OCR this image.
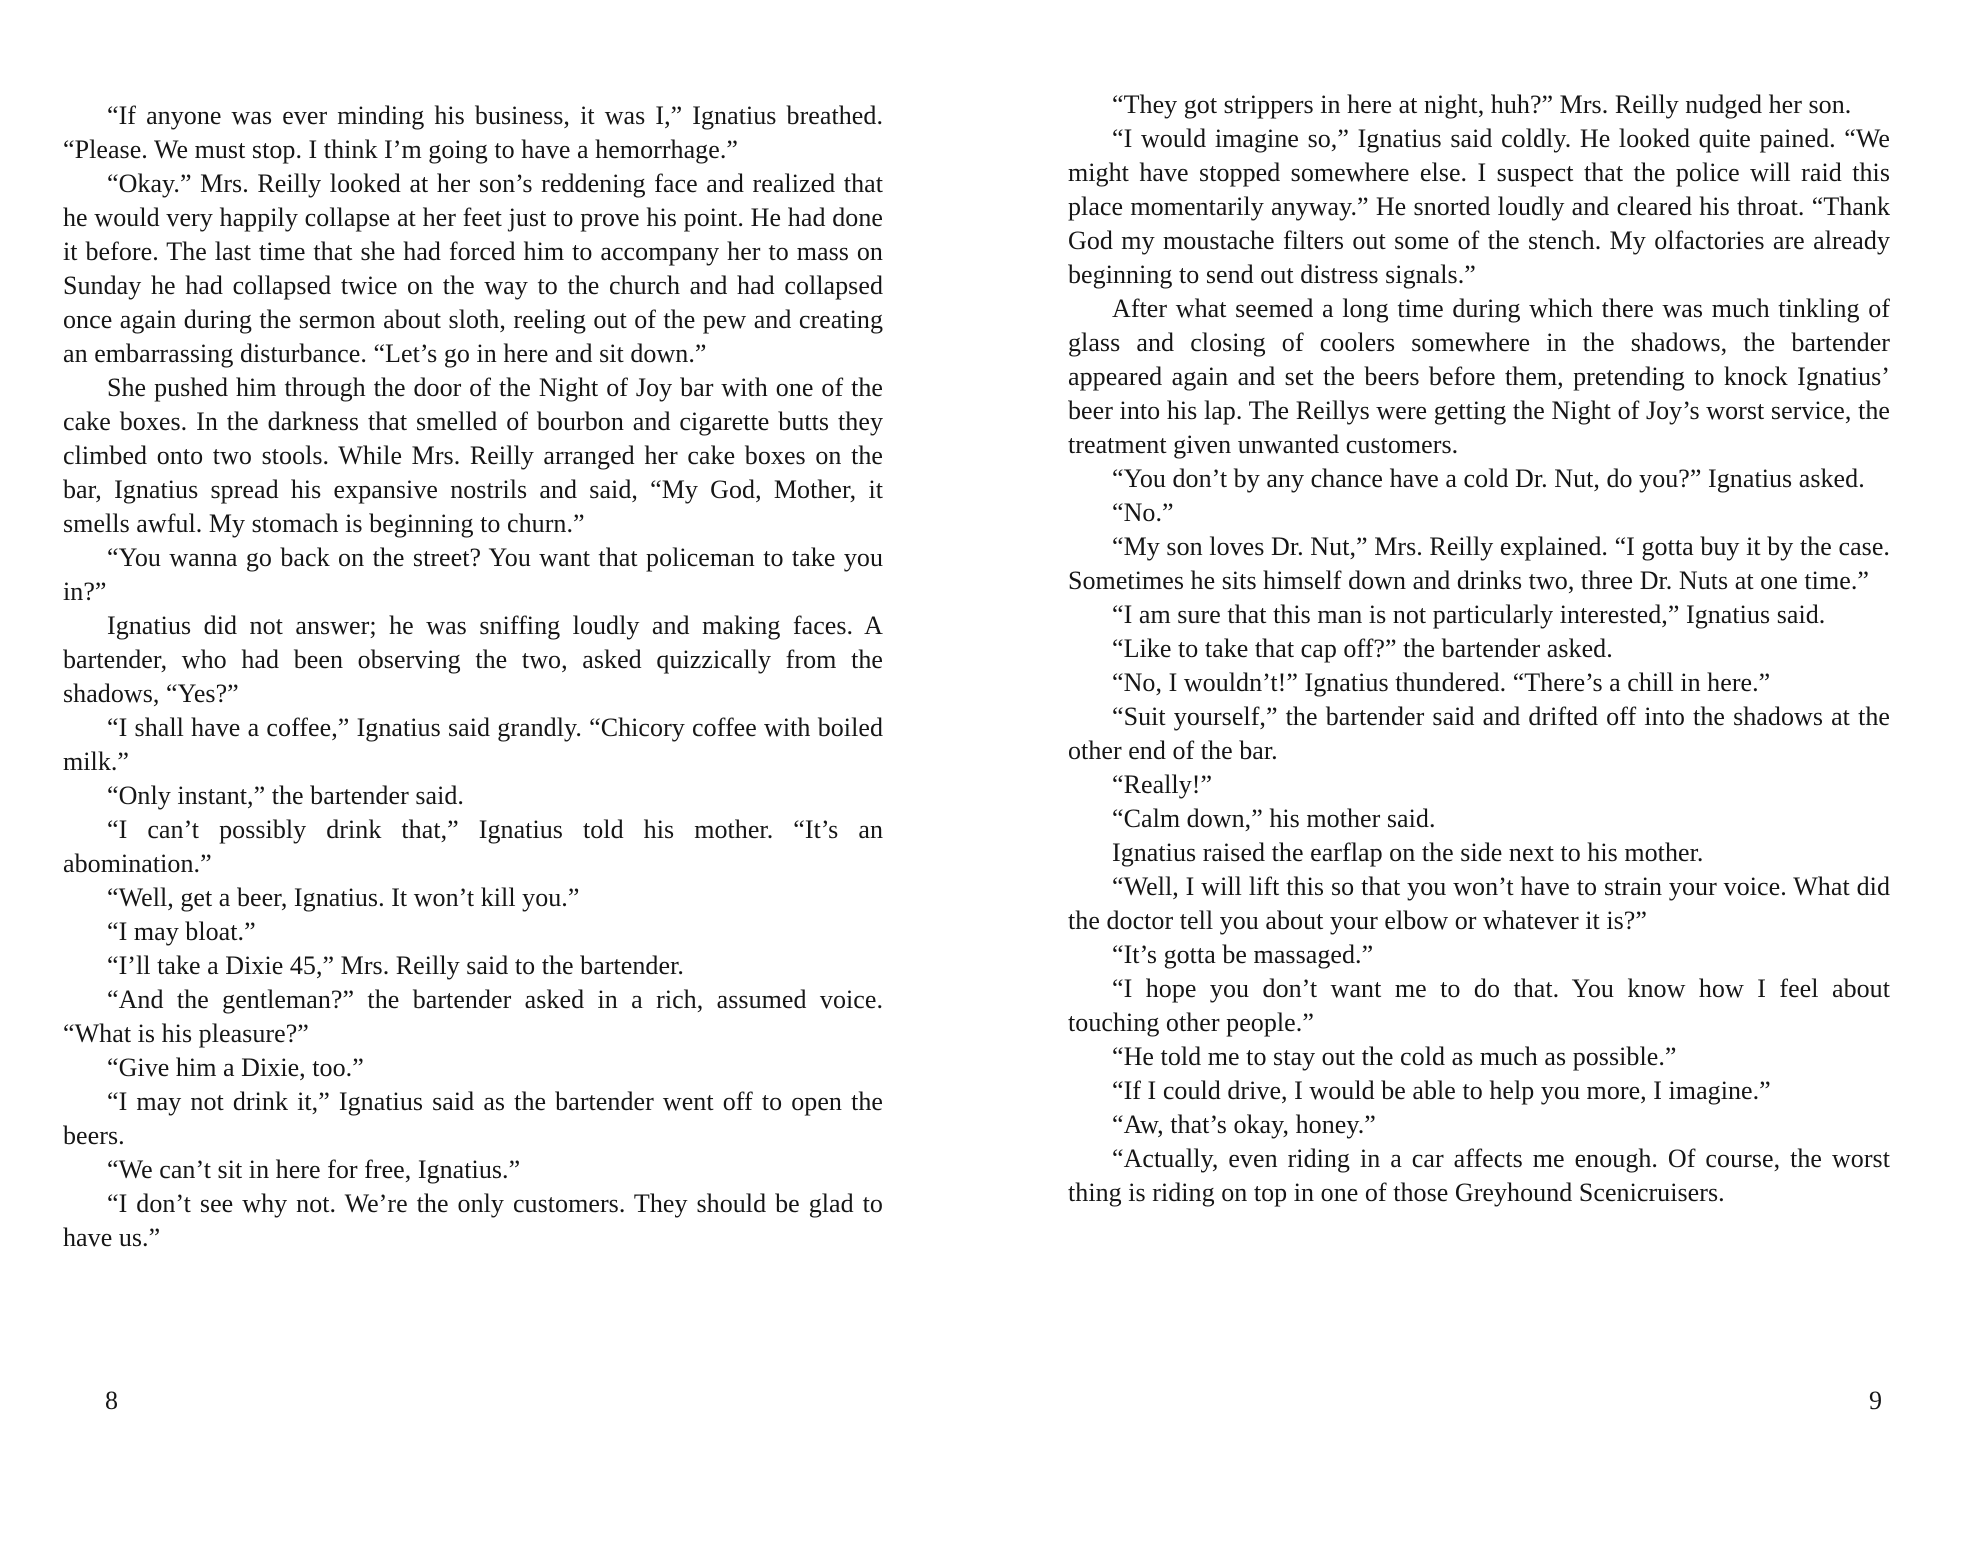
“If anyone was ever minding his business, it was I,” Ignatius breathed. “Please. We must stop. I think I’m going to have a hemorrhage.”

“Okay.” Mrs. Reilly looked at her son’s reddening face and realized that he would very happily collapse at her feet just to prove his point. He had done it before. The last time that she had forced him to accompany her to mass on Sunday he had collapsed twice on the way to the church and had collapsed once again during the sermon about sloth, reeling out of the pew and creating an embarrassing disturbance. “Let’s go in here and sit down.”

She pushed him through the door of the Night of Joy bar with one of the cake boxes. In the darkness that smelled of bourbon and cigarette butts they climbed onto two stools. While Mrs. Reilly arranged her cake boxes on the bar, Ignatius spread his expansive nostrils and said, “My God, Mother, it smells awful. My stomach is beginning to churn.”

“You wanna go back on the street? You want that policeman to take you in?”

Ignatius did not answer; he was sniffing loudly and making faces. A bartender, who had been observing the two, asked quizzically from the shadows, “Yes?”

“I shall have a coffee,” Ignatius said grandly. “Chicory coffee with boiled milk.”

“Only instant,” the bartender said.

“I can’t possibly drink that,” Ignatius told his mother. “It’s an abomination.”

“Well, get a beer, Ignatius. It won’t kill you.”

“I may bloat.”

“I’ll take a Dixie 45,” Mrs. Reilly said to the bartender.

“And the gentleman?” the bartender asked in a rich, assumed voice. “What is his pleasure?”

“Give him a Dixie, too.”

“I may not drink it,” Ignatius said as the bartender went off to open the beers.

“We can’t sit in here for free, Ignatius.”

“I don’t see why not. We’re the only customers. They should be glad to have us.”

8

“They got strippers in here at night, huh?” Mrs. Reilly nudged her son.

“I would imagine so,” Ignatius said coldly. He looked quite pained. “We might have stopped somewhere else. I suspect that the police will raid this place momentarily anyway.” He snorted loudly and cleared his throat. “Thank God my moustache filters out some of the stench. My olfactories are already beginning to send out distress signals.”

After what seemed a long time during which there was much tinkling of glass and closing of coolers somewhere in the shadows, the bartender appeared again and set the beers before them, pretending to knock Ignatius’ beer into his lap. The Reillys were getting the Night of Joy’s worst service, the treatment given unwanted customers.

“You don’t by any chance have a cold Dr. Nut, do you?” Ignatius asked.

“No.”

“My son loves Dr. Nut,” Mrs. Reilly explained. “I gotta buy it by the case. Sometimes he sits himself down and drinks two, three Dr. Nuts at one time.”

“I am sure that this man is not particularly interested,” Ignatius said.

“Like to take that cap off?” the bartender asked.

“No, I wouldn’t!” Ignatius thundered. “There’s a chill in here.”

“Suit yourself,” the bartender said and drifted off into the shadows at the other end of the bar.

“Really!”

“Calm down,” his mother said.

Ignatius raised the earflap on the side next to his mother.

“Well, I will lift this so that you won’t have to strain your voice. What did the doctor tell you about your elbow or whatever it is?”

“It’s gotta be massaged.”

“I hope you don’t want me to do that. You know how I feel about touching other people.”

“He told me to stay out the cold as much as possible.”

“If I could drive, I would be able to help you more, I imagine.”

“Aw, that’s okay, honey.”

“Actually, even riding in a car affects me enough. Of course, the worst thing is riding on top in one of those Greyhound Scenicruisers.

9
